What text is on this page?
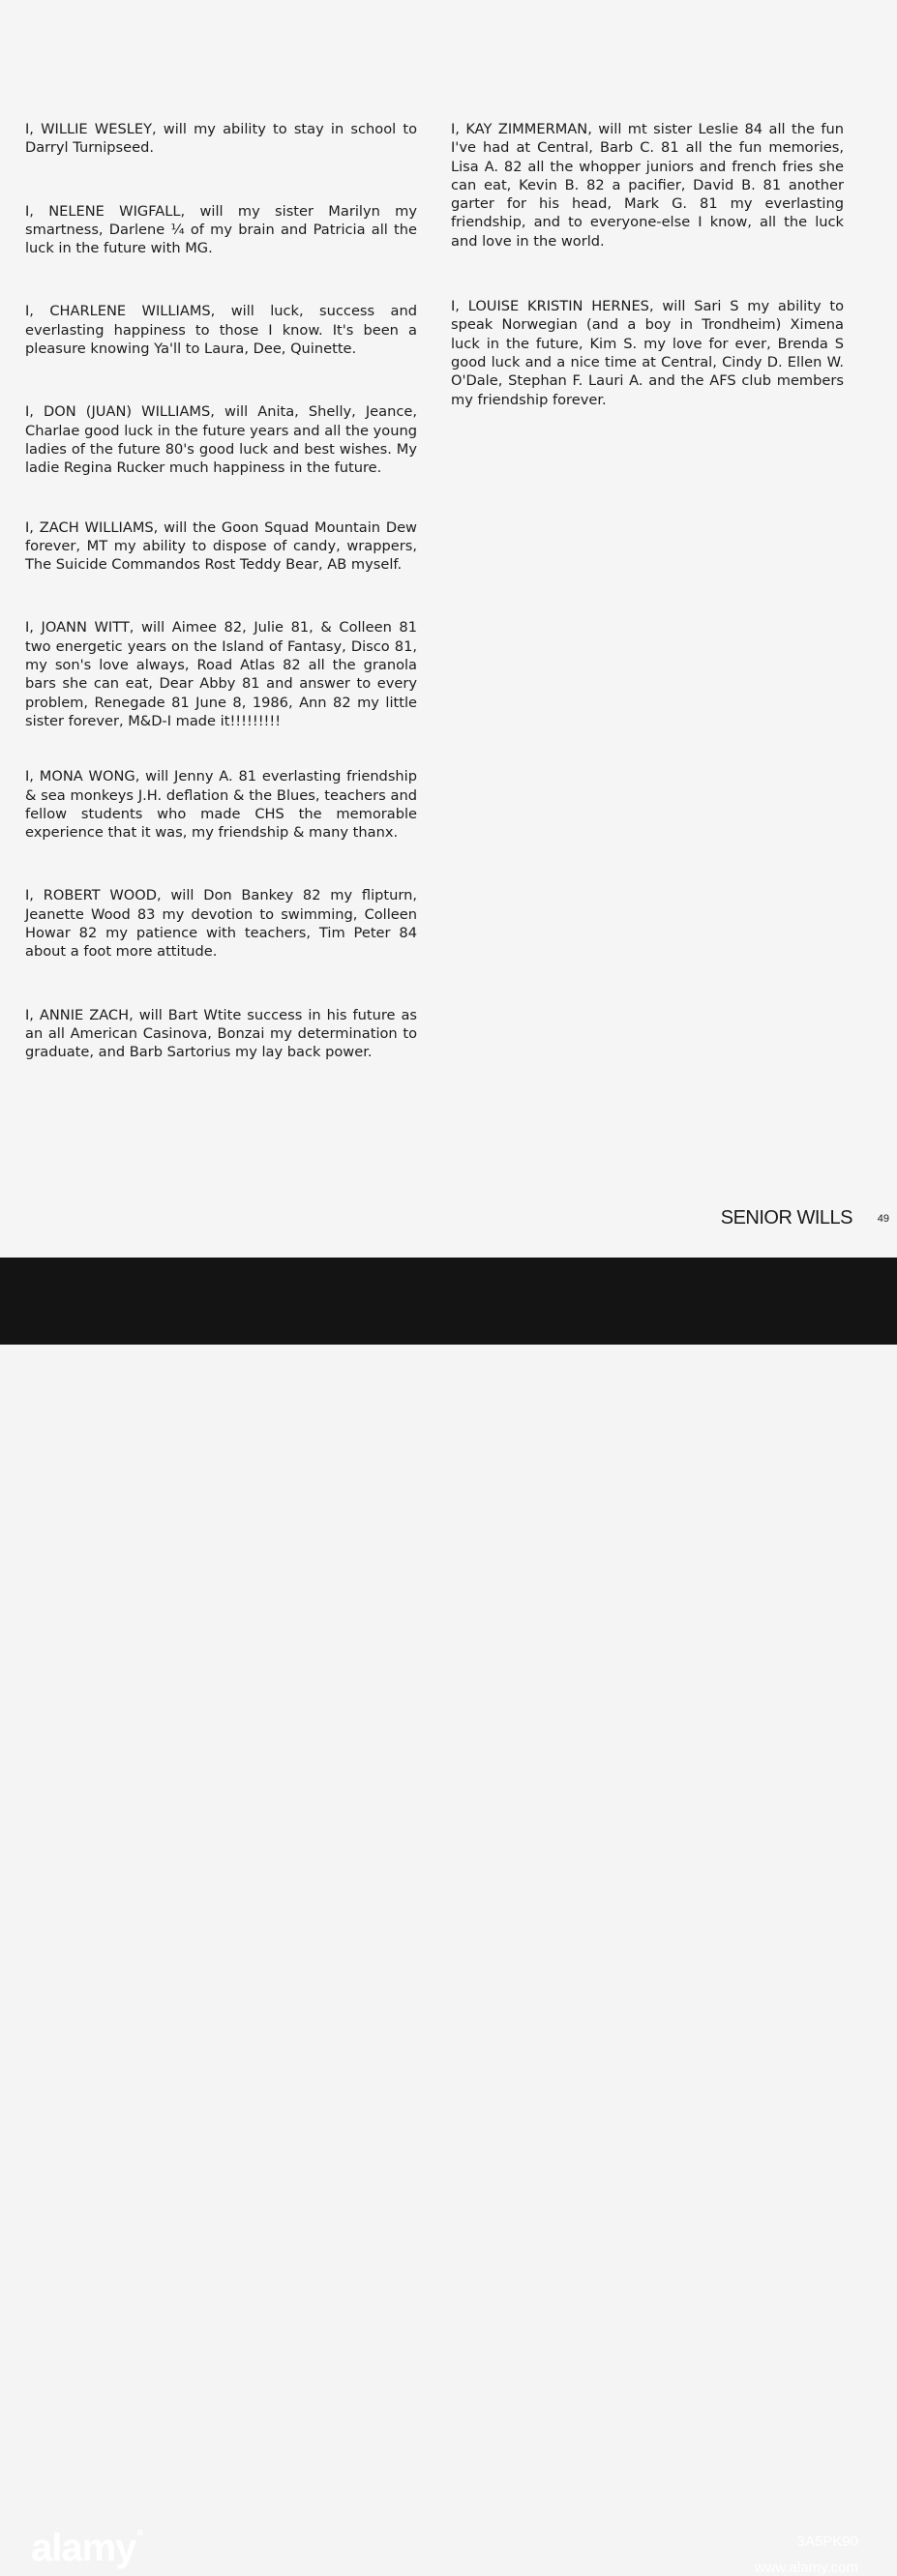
I, WILLIE WESLEY, will my ability to stay in school to Darryl Turnipseed.

I, NELENE WIGFALL, will my sister Marilyn my smartness, Darlene ¼ of my brain and Patricia all the luck in the future with MG.

I, CHARLENE WILLIAMS, will luck, success and everlasting happiness to those I know. It's been a pleasure knowing Ya'll to Laura, Dee, Quinette.

I, DON (JUAN) WILLIAMS, will Anita, Shelly, Jeance, Charlae good luck in the future years and all the young ladies of the future 80's good luck and best wishes. My ladie Regina Rucker much happiness in the future.

I, ZACH WILLIAMS, will the Goon Squad Mountain Dew forever, MT my ability to dispose of candy, wrappers, The Suicide Commandos Rost Teddy Bear, AB myself.

I, JOANN WITT, will Aimee 82, Julie 81, & Colleen 81 two energetic years on the Island of Fantasy, Disco 81, my son's love always, Road Atlas 82 all the granola bars she can eat, Dear Abby 81 and answer to every problem, Renegade 81 June 8, 1986, Ann 82 my little sister forever, M&D-I made it!!!!!!!!!

I, MONA WONG, will Jenny A. 81 everlasting friendship & sea monkeys J.H. deflation & the Blues, teachers and fellow students who made CHS the memorable experience that it was, my friendship & many thanx.

I, ROBERT WOOD, will Don Bankey 82 my flipturn, Jeanette Wood 83 my devotion to swimming, Colleen Howar 82 my patience with teachers, Tim Peter 84 about a foot more attitude.

I, ANNIE ZACH, will Bart Wtite success in his future as an all American Casinova, Bonzai my determination to graduate, and Barb Sartorius my lay back power.

I, KAY ZIMMERMAN, will mt sister Leslie 84 all the fun I've had at Central, Barb C. 81 all the fun memories, Lisa A. 82 all the whopper juniors and french fries she can eat, Kevin B. 82 a pacifier, David B. 81 another garter for his head, Mark G. 81 my everlasting friendship, and to everyone-else I know, all the luck and love in the world.

I, LOUISE KRISTIN HERNES, will Sari S my ability to speak Norwegian (and a boy in Trondheim) Ximena luck in the future, Kim S. my love for ever, Brenda S good luck and a nice time at Central, Cindy D. Ellen W. O'Dale, Stephan F. Lauri A. and the AFS club members my friendship forever.

SENIOR WILLS 49
alamy$^a$
3A5PK90
www.alamy.com
